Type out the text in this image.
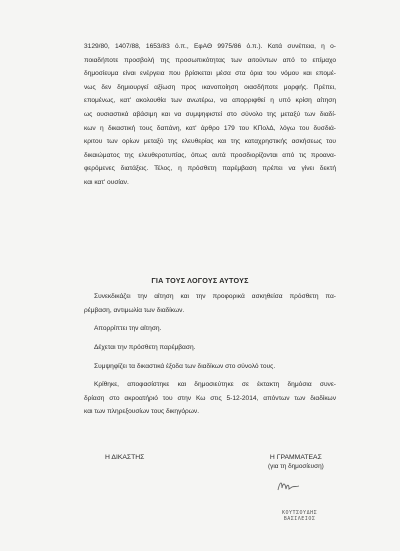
3129/80, 1407/88, 1653/83 ό.π., ΕφΑΘ 9975/86 ό.π.). Κατά συνέπεια, η ο-
ποιαδήποτε προσβολή της προσωπικότητας των αιτούντων από το επίμαχο
δημοσίευμα είναι ενέργεια που βρίσκεται μέσα στα όρια του νόμου και επομέ-
νως δεν δημιουργεί αξίωση προς ικανοποίηση οιασδήποτε μορφής. Πρέπει,
επομένως, κατ' ακολουθία των ανωτέρω, να απορριφθεί η υπό κρίση αίτηση
ως ουσιαστικά αβάσιμη και να συμψηφιστεί στο σύνολο της μεταξύ των διαδί-
κων η δικαστική τους δαπάνη, κατ' άρθρο 179 του ΚΠολΔ, λόγω του δυσδιά-
κριτου των ορίων μεταξύ της ελευθερίας και της καταχρηστικής ασκήσεως του
δικαιώματος της ελευθεροτυπίας, όπως αυτά προσδιορίζονται από τις προανα-
φερόμενες διατάξεις. Τέλος, η πρόσθετη παρέμβαση πρέπει να γίνει δεκτή
και κατ' ουσίαν.
ΓΙΑ ΤΟΥΣ ΛΟΓΟΥΣ ΑΥΤΟΥΣ
Συνεκδικάζει την αίτηση και την προφορικά ασκηθείσα πρόσθετη πα-
ρέμβαση, αντιμωλία των διαδίκων.
Απορρίπτει την αίτηση.
Δέχεται την πρόσθετη παρέμβαση.
Συμψηφίζει τα δικαστικά έξοδα των διαδίκων στο σύνολό τους.
Κρίθηκε, αποφασίστηκε και δημοσιεύτηκε σε έκτακτη δημόσια συνε-
δρίαση στο ακροατήριό του στην Κω στις 5-12-2014, απόντων των διαδίκων
και των πληρεξουσίων τους δικηγόρων.
Η ΔΙΚΑΣΤΗΣ	Η ΓΡΑΜΜΑΤΕΑΣ
(για τη δημοσίευση)
ΚΟΥΤΣΟΥΔΗΣ
ΒΑΣΙΛΕΙΟΣ
